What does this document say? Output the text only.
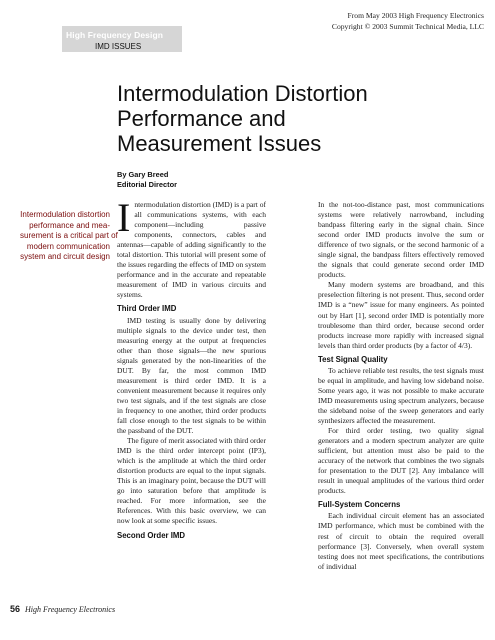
High Frequency Design
IMD ISSUES
From May 2003 High Frequency Electronics
Copyright © 2003 Summit Technical Media, LLC
Intermodulation Distortion
Performance and
Measurement Issues
By Gary Breed
Editorial Director
Intermodulation distortion
performance and mea-
surement is a critical part of
modern communication
system and circuit design

Intermodulation distortion (IMD) is a part of all communications systems, with each component—including passive components, connectors, cables and antennas—capable of adding significantly to the total distortion. This tutorial will present some of the issues regarding the effects of IMD on system performance and in the accurate and repeatable measurement of IMD in various circuits and systems.

Third Order IMD

IMD testing is usually done by delivering multiple signals to the device under test, then measuring energy at the output at frequencies other than those signals—the new spurious signals generated by the non-linearities of the DUT. By far, the most common IMD measurement is third order IMD. It is a convenient measurement because it requires only two test signals, and if the test signals are close in frequency to one another, third order products fall close enough to the test signals to be within the passband of the DUT.

The figure of merit associated with third order IMD is the third order intercept point (IP3), which is the amplitude at which the third order distortion products are equal to the input signals. This is an imaginary point, because the DUT will go into saturation before that amplitude is reached. For more information, see the References. With this basic overview, we can now look at some specific issues.

Second Order IMD

In the not-too-distance past, most communications systems were relatively narrowband, including bandpass filtering early in the signal chain. Since second order IMD products involve the sum or difference of two signals, or the second harmonic of a single signal, the bandpass filters effectively removed the signals that could generate second order IMD products.

Many modern systems are broadband, and this preselection filtering is not present. Thus, second order IMD is a “new” issue for many engineers. As pointed out by Hart [1], second order IMD is potentially more troublesome than third order, because second order products increase more rapidly with increased signal levels than third order products (by a factor of 4/3).

Test Signal Quality

To achieve reliable test results, the test signals must be equal in amplitude, and having low sideband noise. Some years ago, it was not possible to make accurate IMD measurements using spectrum analyzers, because the sideband noise of the sweep generators and early synthesizers affected the measurement.

For third order testing, two quality signal generators and a modern spectrum analyzer are quite sufficient, but attention must also be paid to the accuracy of the network that combines the two signals for presentation to the DUT [2]. Any imbalance will result in unequal amplitudes of the various third order products.

Full-System Concerns

Each individual circuit element has an associated IMD performance, which must be combined with the rest of circuit to obtain the required overall performance [3]. Conversely, when overall system testing does not meet specifications, the contributions of individual

56 High Frequency Electronics
